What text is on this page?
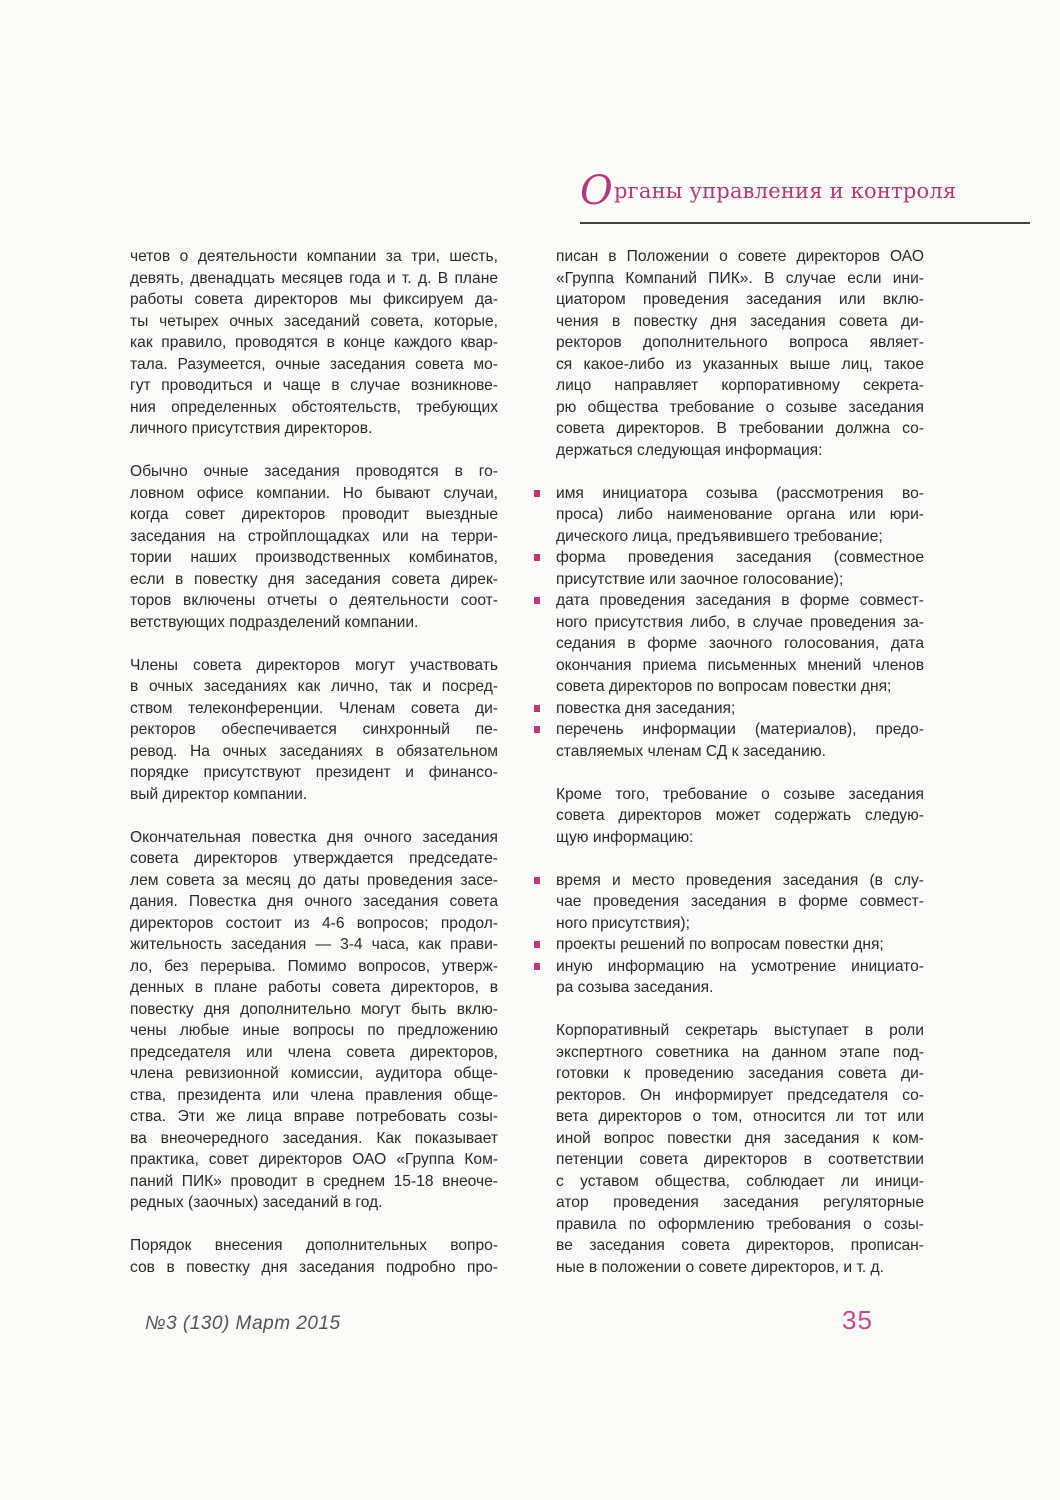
Органы управления и контроля
четов о деятельности компании за три, шесть,
девять, двенадцать месяцев года и т. д. В плане
работы совета директоров мы фиксируем да-
ты четырех очных заседаний совета, которые,
как правило, проводятся в конце каждого квар-
тала. Разумеется, очные заседания совета мо-
гут проводиться и чаще в случае возникнове-
ния определенных обстоятельств, требующих
личного присутствия директоров.
Обычно очные заседания проводятся в го-
ловном офисе компании. Но бывают случаи,
когда совет директоров проводит выездные
заседания на стройплощадках или на терри-
тории наших производственных комбинатов,
если в повестку дня заседания совета дирек-
торов включены отчеты о деятельности соот-
ветствующих подразделений компании.
Члены совета директоров могут участвовать
в очных заседаниях как лично, так и посред-
ством телеконференции. Членам совета ди-
ректоров обеспечивается синхронный пе-
ревод. На очных заседаниях в обязательном
порядке присутствуют президент и финансо-
вый директор компании.
Окончательная повестка дня очного заседания
совета директоров утверждается председате-
лем совета за месяц до даты проведения засе-
дания. Повестка дня очного заседания совета
директоров состоит из 4-6 вопросов; продол-
жительность заседания — 3-4 часа, как прави-
ло, без перерыва. Помимо вопросов, утверж-
денных в плане работы совета директоров, в
повестку дня дополнительно могут быть вклю-
чены любые иные вопросы по предложению
председателя или члена совета директоров,
члена ревизионной комиссии, аудитора обще-
ства, президента или члена правления обще-
ства. Эти же лица вправе потребовать созы-
ва внеочередного заседания. Как показывает
практика, совет директоров ОАО «Группа Ком-
паний ПИК» проводит в среднем 15-18 внеоче-
редных (заочных) заседаний в год.
Порядок внесения дополнительных вопро-
сов в повестку дня заседания подробно про-
писан в Положении о совете директоров ОАО
«Группа Компаний ПИК». В случае если ини-
циатором проведения заседания или вклю-
чения в повестку дня заседания совета ди-
ректоров дополнительного вопроса являет-
ся какое-либо из указанных выше лиц, такое
лицо направляет корпоративному секрета-
рю общества требование о созыве заседания
совета директоров. В требовании должна со-
держаться следующая информация:
имя инициатора созыва (рассмотрения во-
проса) либо наименование органа или юри-
дического лица, предъявившего требование;
форма проведения заседания (совместное
присутствие или заочное голосование);
дата проведения заседания в форме совмест-
ного присутствия либо, в случае проведения за-
седания в форме заочного голосования, дата
окончания приема письменных мнений членов
совета директоров по вопросам повестки дня;
повестка дня заседания;
перечень информации (материалов), предо-
ставляемых членам СД к заседанию.
Кроме того, требование о созыве заседания
совета директоров может содержать следую-
щую информацию:
время и место проведения заседания (в слу-
чае проведения заседания в форме совмест-
ного присутствия);
проекты решений по вопросам повестки дня;
иную информацию на усмотрение инициато-
ра созыва заседания.
Корпоративный секретарь выступает в роли
экспертного советника на данном этапе под-
готовки к проведению заседания совета ди-
ректоров. Он информирует председателя со-
вета директоров о том, относится ли тот или
иной вопрос повестки дня заседания к ком-
петенции совета директоров в соответствии
с уставом общества, соблюдает ли иници-
атор проведения заседания регуляторные
правила по оформлению требования о созы-
ве заседания совета директоров, прописан-
ные в положении о совете директоров, и т. д.
№3 (130) Март 2015	35
